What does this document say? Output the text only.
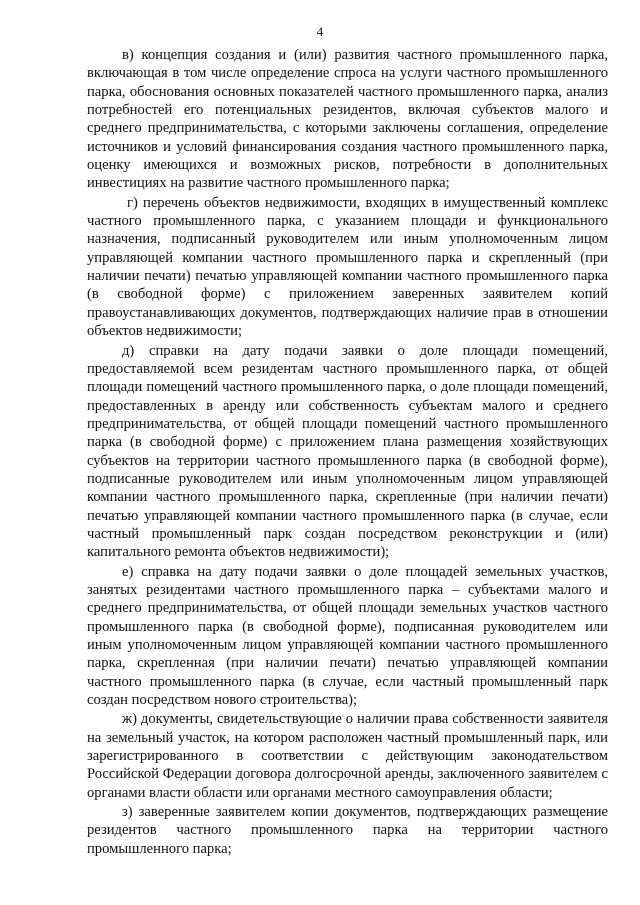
4

в) концепция создания и (или) развития частного промышленного парка, включающая в том числе определение спроса на услуги частного промышленного парка, обоснования основных показателей частного промышленного парка, анализ потребностей его потенциальных резидентов, включая субъектов малого и среднего предпринимательства, с которыми заключены соглашения, определение источников и условий финансирования создания частного промышленного парка, оценку имеющихся и возможных рисков, потребности в дополнительных инвестициях на развитие частного промышленного парка;

г) перечень объектов недвижимости, входящих в имущественный комплекс частного промышленного парка, с указанием площади и функционального назначения, подписанный руководителем или иным уполномоченным лицом управляющей компании частного промышленного парка и скрепленный (при наличии печати) печатью управляющей компании частного промышленного парка (в свободной форме) с приложением заверенных заявителем копий правоустанавливающих документов, подтверждающих наличие прав в отношении объектов недвижимости;

д) справки на дату подачи заявки о доле площади помещений, предоставляемой всем резидентам частного промышленного парка, от общей площади помещений частного промышленного парка, о доле площади помещений, предоставленных в аренду или собственность субъектам малого и среднего предпринимательства, от общей площади помещений частного промышленного парка (в свободной форме) с приложением плана размещения хозяйствующих субъектов на территории частного промышленного парка (в свободной форме), подписанные руководителем или иным уполномоченным лицом управляющей компании частного промышленного парка, скрепленные (при наличии печати) печатью управляющей компании частного промышленного парка (в случае, если частный промышленный парк создан посредством реконструкции и (или) капитального ремонта объектов недвижимости);

е) справка на дату подачи заявки о доле площадей земельных участков, занятых резидентами частного промышленного парка – субъектами малого и среднего предпринимательства, от общей площади земельных участков частного промышленного парка (в свободной форме), подписанная руководителем или иным уполномоченным лицом управляющей компании частного промышленного парка, скрепленная (при наличии печати) печатью управляющей компании частного промышленного парка (в случае, если частный промышленный парк создан посредством нового строительства);

ж) документы, свидетельствующие о наличии права собственности заявителя на земельный участок, на котором расположен частный промышленный парк, или зарегистрированного в соответствии с действующим законодательством Российской Федерации договора долгосрочной аренды, заключенного заявителем с органами власти области или органами местного самоуправления области;

з) заверенные заявителем копии документов, подтверждающих размещение резидентов частного промышленного парка на территории частного промышленного парка;
